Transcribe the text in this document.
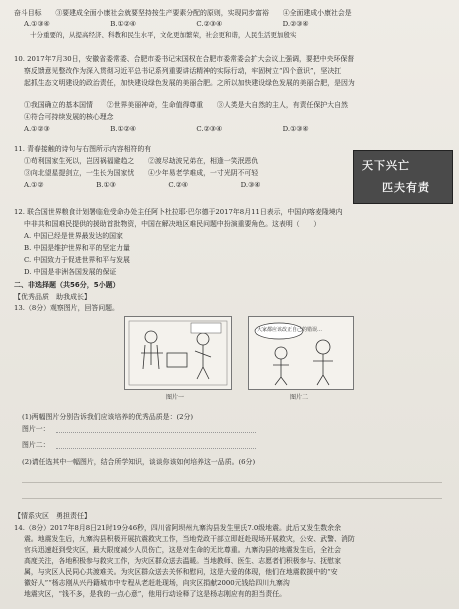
奋斗目标　　③要建成全面小康社会就要坚持按生产要素分配的原则，实现同步富裕　　④全面建成小康社会是
A.①③④	B.①②④	C.②③④	D.②③④
十分重要的，从提高经济、科教和民生水平，文化更加繁荣，社会更和谐，人民生活更加殷实
10. 2017年7月30日，安徽省委常委、合肥市委书记宋国权在合肥市委常委会扩大会议上强调，要把中央环保督
察反馈意见整改作为深入贯彻习近平总书记系列重要讲话精神的实际行动，牢固树立“四个意识”，坚决扛
起抓生态文明建设的政治责任，加快建设绿色发展的美丽合肥。之所以加快建设绿色发展的美丽合肥，是因为
①我国确立的基本国情　　②世界美丽神奇，生命值得尊重　　③人类是大自然的主人，有责任保护大自然
④符合可持续发展的核心理念
A.①②③	B.①②④	C.②③④	D.①③④
11. 青春接触的诗句与右图所示内容相符的有
①苟利国家生死以，岂因祸福避趋之　　②渡尽劫波兄弟在，相逢一笑泯恩仇
③向北望星提剑立，一生长为国家忧　　④少年易老学难成，一寸光阴不可轻
A.①②	B.①③	C.②④	D.③④
天下兴亡
匹夫有责
12. 联合国世界粮食计划署临危受命办处主任阿卜杜拉耶·巴尔德于2017年8月11日表示，中国向喀麦隆境内
中非共和国难民提供的援助首批物资，中国在解决地区难民问题中扮演重要角色。这表明（　　）
A. 中国已经是世界最发达的国家
B. 中国是维护世界和平的坚定力量
C. 中国致力于促进世界和平与发展
D. 中国是非洲各国发展的保证
二、非选择题（共56分，5小题）
【优秀品质　助我成长】
13.（8分）观察图片，回答问题。
图片一
大家都应该改正自己的错误…
图片二
(1)两幅图片分别告诉我们应该培养的优秀品质是：(2分)
图片一：
图片二：
(2)请任选其中一幅图片，结合所学知识，谈谈你该如何培养这一品质。(6分)
【情系灾区　勇担责任】
14.（8分）2017年8月8日21时19分46秒，四川省阿坝州九寨沟县发生里氏7.0级地震。此后又发生数余余
震。地震发生后，九寨沟县积极开展抗震救灾工作，当地党政干部立即赶赴现场开展救灾，公安、武警、消防
官兵迅速赶到受灾区，最大限度减少人员伤亡，这是对生命的无比尊重。九寨沟县的地震发生后，全社会
高度关注，各地积极参与救灾工作，为灾区群众送去温暖。当地教师、医生、志愿者们积极参与、抚慰家
属，与灾区人民同心共渡难关。为灾区群众送去关怀和慰问，这是大爱的体现，他们在地震救援中的“安
徽好人”“杨志刚从兴丹籍城市中专程从老赶赴现场，向灾区捐献2000元钱给四川九寨沟
地震灾区，“钱不多，是我的一点心意”，他用行动诠释了这是杨志刚应有的担当责任。
